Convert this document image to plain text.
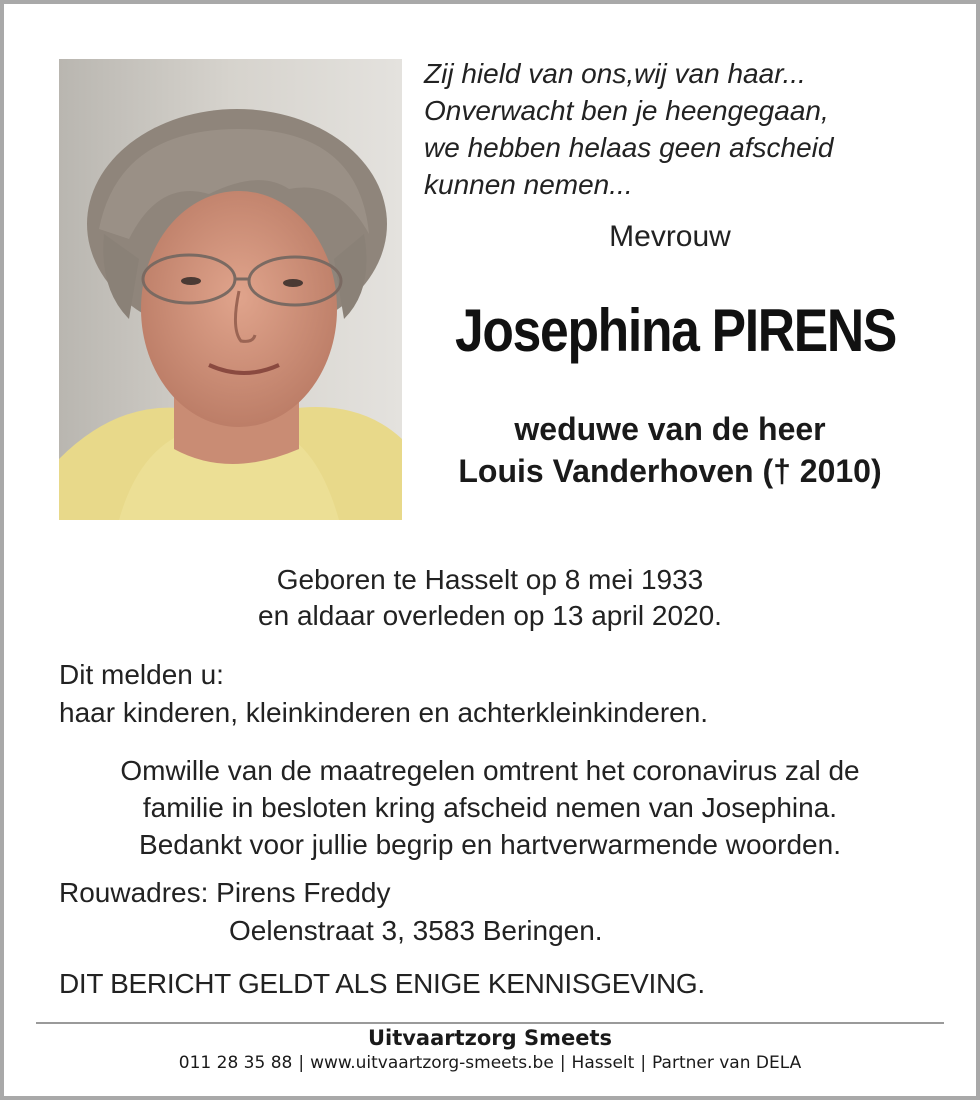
Zij hield van ons,wij van haar...
Onverwacht ben je heengegaan,
we hebben helaas geen afscheid
kunnen nemen...
Mevrouw
Josephina PIRENS
weduwe van de heer
Louis Vanderhoven († 2010)
Geboren te Hasselt op 8 mei 1933
en aldaar overleden op 13 april 2020.
Dit melden u:
haar kinderen, kleinkinderen en achterkleinkinderen.
Omwille van de maatregelen omtrent het coronavirus zal de
familie in besloten kring afscheid nemen van Josephina.
Bedankt voor jullie begrip en hartverwarmende woorden.
Rouwadres: Pirens Freddy
Oelenstraat 3, 3583 Beringen.
DIT BERICHT GELDT ALS ENIGE KENNISGEVING.
Uitvaartzorg Smeets
011 28 35 88 | www.uitvaartzorg-smeets.be | Hasselt | Partner van DELA
